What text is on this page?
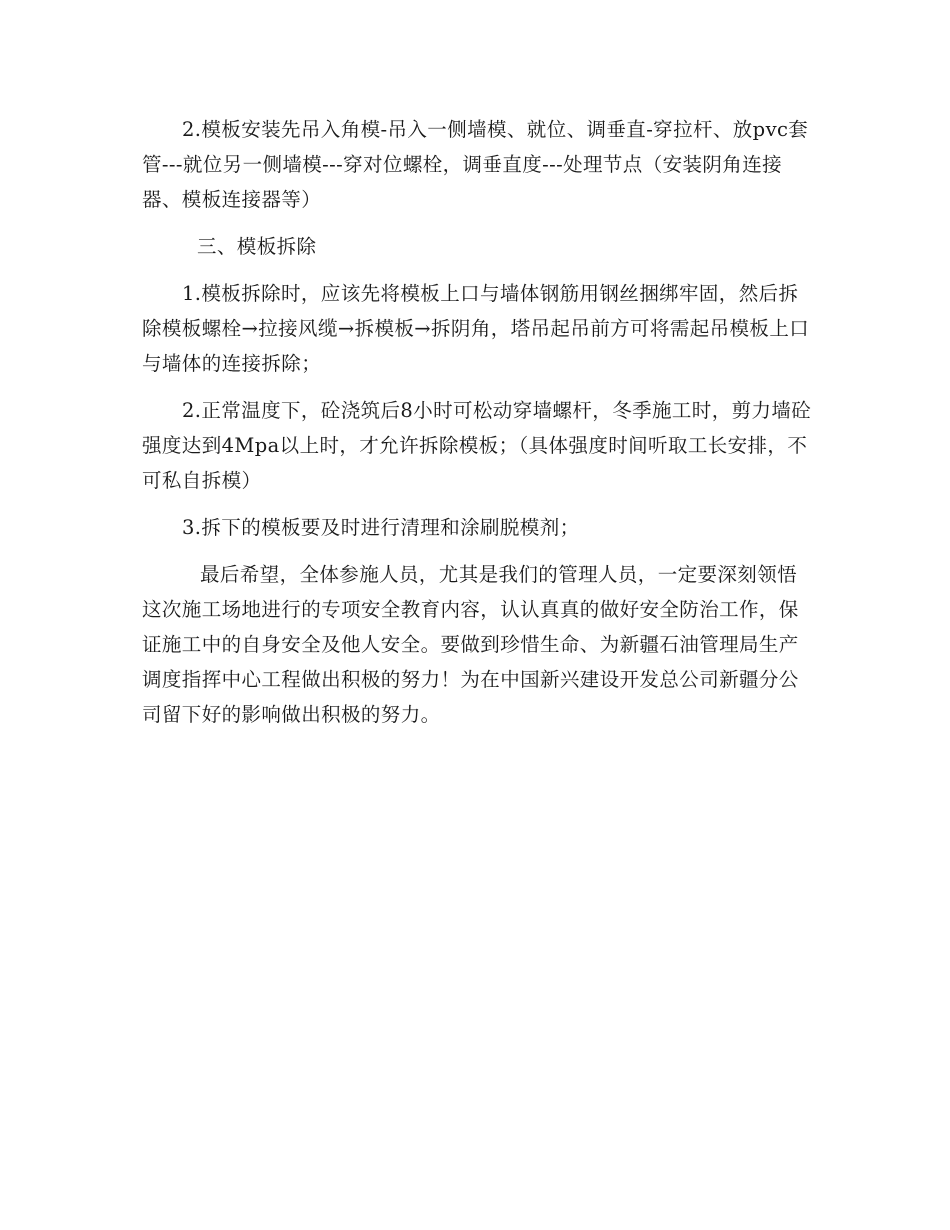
2.模板安装先吊入角模-吊入一侧墙模、就位、调垂直-穿拉杆、放pvc套管---就位另一侧墙模---穿对位螺栓，调垂直度---处理节点（安装阴角连接器、模板连接器等）

三、模板拆除

1.模板拆除时，应该先将模板上口与墙体钢筋用钢丝捆绑牢固，然后拆除模板螺栓→拉接风缆→拆模板→拆阴角，塔吊起吊前方可将需起吊模板上口与墙体的连接拆除；

2.正常温度下，砼浇筑后8小时可松动穿墙螺杆，冬季施工时，剪力墙砼强度达到4Mpa以上时，才允许拆除模板；（具体强度时间听取工长安排，不可私自拆模）

3.拆下的模板要及时进行清理和涂刷脱模剂；

最后希望，全体参施人员，尤其是我们的管理人员，一定要深刻领悟这次施工场地进行的专项安全教育内容，认认真真的做好安全防治工作，保证施工中的自身安全及他人安全。要做到珍惜生命、为新疆石油管理局生产调度指挥中心工程做出积极的努力！为在中国新兴建设开发总公司新疆分公司留下好的影响做出积极的努力。
